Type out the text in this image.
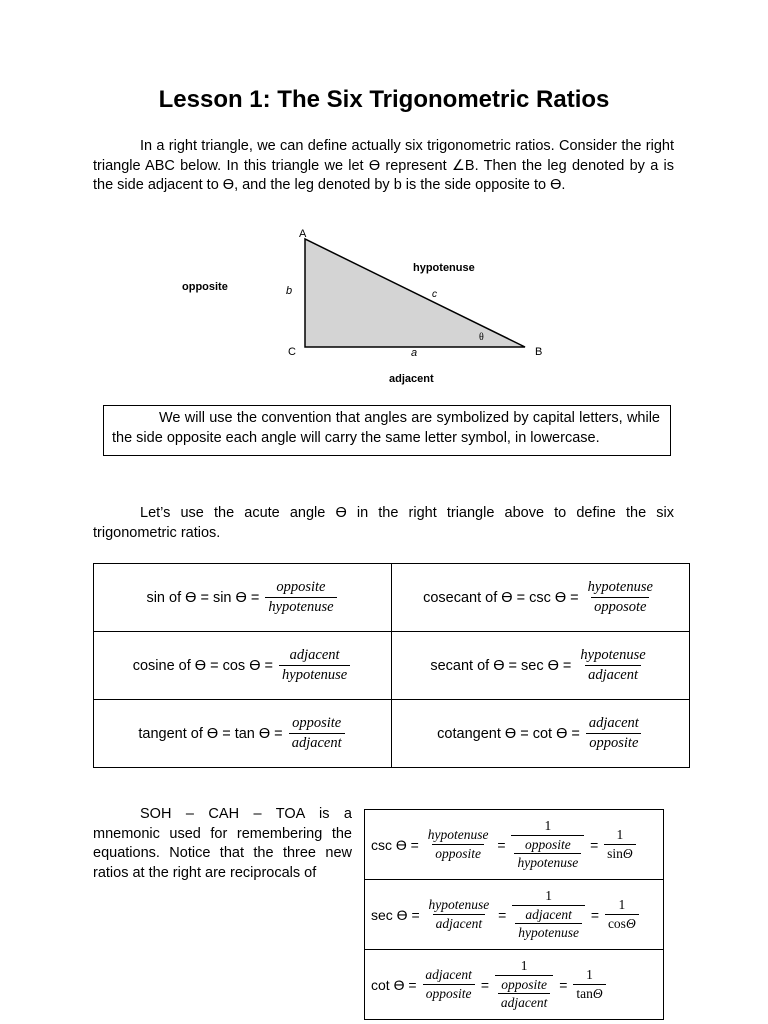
Lesson 1: The Six Trigonometric Ratios

In a right triangle, we can define actually six trigonometric ratios. Consider the right triangle ABC below. In this triangle we let ϴ represent ∠B. Then the leg denoted by a is the side adjacent to ϴ, and the leg denoted by b is the side opposite to ϴ.

A
C	B
b	c
a
θ
opposite
hypotenuse
adjacent

We will use the convention that angles are symbolized by capital letters, while the side opposite each angle will carry the same letter symbol, in lowercase.

Let’s use the acute angle ϴ in the right triangle above to define the six trigonometric ratios.

sin of $ϴ = \sin ϴ = \frac{\text{opposite}}{\text{hypotenuse}}$	cosecant of $ϴ = \csc ϴ = \frac{\text{hypotenuse}}{\text{opposote}}$

cosine of $ϴ = \cos ϴ = \frac{\text{adjacent}}{\text{hypotenuse}}$	secant of $ϴ = \sec ϴ = \frac{\text{hypotenuse}}{\text{adjacent}}$

tangent of $ϴ = \tan ϴ = \frac{\text{opposite}}{\text{adjacent}}$	cotangent $ϴ = \cot ϴ = \frac{\text{adjacent}}{\text{opposite}}$

SOH – CAH – TOA is a mnemonic used for remembering the equations. Notice that the three new ratios at the right are reciprocals of

$\csc ϴ = \frac{\text{hypotenuse}}{\text{opposite}} = 1$
opposite
hypotenuse = $\frac{1}{\sin\Theta}$

$\sec ϴ = \frac{\text{hypotenuse}}{\text{adjacent}} = 1$
adjacent
hypotenuse = $\frac{1}{\cos\Theta}$

$\cot ϴ = \frac{\text{adjacent}}{\text{opposite}} = 1$
opposite
adjacent = $\frac{1}{\tan\Theta}$
